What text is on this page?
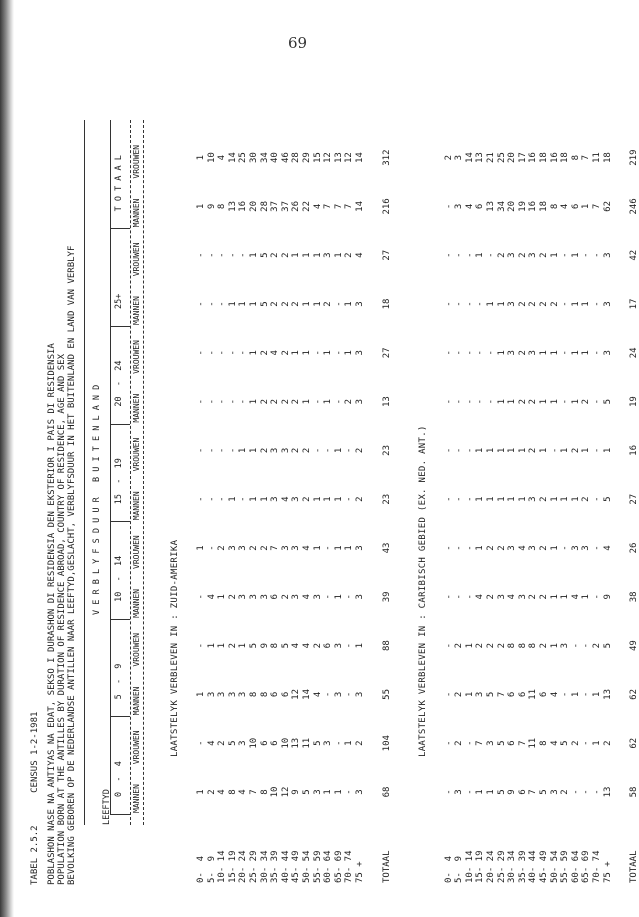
69
TABEL 2.5.2      CENSUS 1-2-1981 POBLASHON NASE NA ANTIYAS NA EDAT, SEKSO I DURASHON DI RESIDENSIA DEN EKSTERIOR I PAIS DI RESIDENSIA POPULATION BORN AT THE ANTILLES BY DURATION OF RESIDENCE ABROAD, COUNTRY OF RESIDENCE, AGE AND SEX BEVOLKING GEBOREN OP DE NEDERLANDSE ANTILLEN NAAR LEEFTYD,GESLACHT, VERBLYFSDUUR IN HET BUITENLAND EN LAND VAN VERBLYF	LEEFTYD
V E R B L Y F S D U U R   B U I T E N L A N D
0  -  4
5  -  9
10  -  14
15  -  19
20  -  24
25+
T O T A A L
MANNEN
VROUWEN
MANNEN
VROUWEN
MANNEN
VROUWEN
MANNEN
VROUWEN
MANNEN
VROUWEN
MANNEN
VROUWEN
MANNEN
VROUWEN
LAATSTELYK VERBLEVEN IN : ZUID-AMERIKA
0-  4
1
-
1
-
-
1
-
-
-
-
-
-
1
1
5-  9
2
4
3
1
4
-
-
-
-
-
-
-
9
10
10- 14
4
2
3
1
1
2
-
-
-
-
-
-
8
4
15- 19
8
5
3
2
2
3
1
-
-
-
1
-
13
14
20- 24
4
3
3
1
3
3
-
1
-
-
1
-
16
25
25- 29
7
10
8
5
3
2
1
1
1
1
1
1
20
30
30- 34
8
6
8
9
3
2
1
2
2
2
5
5
28
34
35- 39
10
6
6
8
6
7
3
3
2
4
2
2
37
40
40- 44
12
10
6
5
2
3
4
3
2
2
2
2
37
46
45- 49
9
13
12
4
3
3
3
2
2
1
2
1
26
28
50- 54
5
11
14
4
4
4
2
2
1
1
1
1
22
29
55- 59
3
5
4
2
3
1
1
-
-
-
1
1
4
15
60- 64
1
3
-
6
-
-
1
-
1
1
2
3
7
12
65- 69
1
-
3
3
1
1
1
1
-
-
-
1
7
13
70- 74
-
1
-
-
-
1
-
-
2
1
1
2
7
12
75 +
3
2
3
1
3
3
2
2
3
3
3
4
14
14
TOTAAL
68
104
55
88
39
43
23
23
13
27
18
27
216
312
LAATSTELYK VERBLEVEN IN : CARIBISCH GEBIED (EX. NED. ANT.)
0-  4
-
-
-
-
-
-
-
-
-
-
-
-
-
2
5-  9
3
2
2
2
-
-
-
-
-
-
-
-
3
3
10- 14
-
-
1
1
-
-
-
-
-
-
-
-
4
14
15- 19
1
7
3
2
4
1
1
1
-
-
-
1
6
13
20- 24
1
3
5
2
2
2
1
1
-
-
1
-
13
21
25- 29
5
5
7
2
3
2
1
1
1
1
1
2
34
25
30- 34
9
6
6
8
4
3
1
1
1
3
3
3
20
20
35- 39
6
7
6
8
3
4
1
1
2
2
2
2
19
17
40- 44
7
11
11
8
2
3
3
2
2
3
2
3
16
16
45- 49
5
8
6
2
2
2
2
1
1
1
2
2
18
18
50- 54
3
4
4
1
1
1
1
-
1
1
2
1
8
16
55- 59
2
5
-
3
1
-
1
1
-
-
-
-
4
18
60- 64
-
2
1
-
4
3
1
2
1
1
1
1
6
8
65- 69
-
-
-
-
1
3
2
1
2
1
1
-
1
7
70- 74
-
1
1
2
-
-
-
-
-
-
-
-
7
11
75 +
13
2
13
5
9
4
5
1
5
3
3
3
62
18
TOTAAL
58
62
62
49
38
26
27
16
19
24
17
42
246
219
